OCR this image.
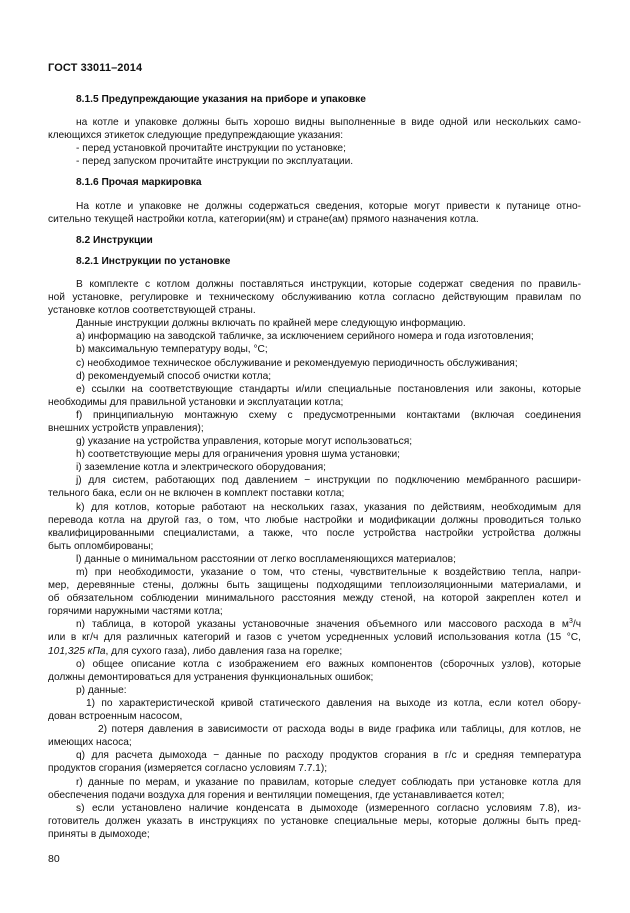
ГОСТ 33011–2014
8.1.5 Предупреждающие указания на приборе и упаковке
на котле и упаковке должны быть хорошо видны выполненные в виде одной или нескольких само-
клеющихся этикеток следующие предупреждающие указания:
- перед установкой прочитайте инструкции по установке;
- перед запуском прочитайте инструкции по эксплуатации.
8.1.6 Прочая маркировка
На котле и упаковке не должны содержаться сведения, которые могут привести к путанице отно-
сительно текущей настройки котла, категории(ям) и стране(ам) прямого назначения котла.
8.2 Инструкции
8.2.1 Инструкции по установке
В комплекте с котлом должны поставляться инструкции, которые содержат сведения по правиль-
ной установке, регулировке и техническому обслуживанию котла согласно действующим правилам по
установке котлов соответствующей страны.
Данные инструкции должны включать по крайней мере следующую информацию.
а) информацию на заводской табличке, за исключением серийного номера и года изготовления;
b) максимальную температуру воды, °С;
c) необходимое техническое обслуживание и рекомендуемую периодичность обслуживания;
d) рекомендуемый способ очистки котла;
е) ссылки на соответствующие стандарты и/или специальные постановления или законы, которые
необходимы для правильной установки и эксплуатации котла;
f) принципиальную монтажную схему с предусмотренными контактами (включая соединения
внешних устройств управления);
g) указание на устройства управления, которые могут использоваться;
h) соответствующие меры для ограничения уровня шума установки;
i) заземление котла и электрического оборудования;
j) для систем, работающих под давлением − инструкции по подключению мембранного расшири-
тельного бака, если он не включен в комплект поставки котла;
k) для котлов, которые работают на нескольких газах, указания по действиям, необходимым для
перевода котла на другой газ, о том, что любые настройки и модификации должны проводиться только
квалифицированными специалистами, а также, что после устройства настройки устройства должны
быть опломбированы;
l) данные о минимальном расстоянии от легко воспламеняющихся материалов;
m) при необходимости, указание о том, что стены, чувствительные к воздействию тепла, напри-
мер, деревянные стены, должны быть защищены подходящими теплоизоляционными материалами, и
об обязательном соблюдении минимального расстояния между стеной, на которой закреплен котел и
горячими наружными частями котла;
n) таблица, в которой указаны установочные значения объемного или массового расхода в $м^3/ч$
или в кг/ч для различных категорий и газов с учетом усредненных условий использования котла (15 °С,
101,325 кПа, для сухого газа), либо давления газа на горелке;
o) общее описание котла с изображением его важных компонентов (сборочных узлов), которые
должны демонтироваться для устранения функциональных ошибок;
p) данные:
1) по характеристической кривой статического давления на выходе из котла, если котел обору-
дован встроенным насосом,
2) потеря давления в зависимости от расхода воды в виде графика или таблицы, для котлов, не
имеющих насоса;
q) для расчета дымохода − данные по расходу продуктов сгорания в г/с и средняя температура
продуктов сгорания (измеряется согласно условиям 7.7.1);
r) данные по мерам, и указание по правилам, которые следует соблюдать при установке котла для
обеспечения подачи воздуха для горения и вентиляции помещения, где устанавливается котел;
s) если установлено наличие конденсата в дымоходе (измеренного согласно условиям 7.8), из-
готовитель должен указать в инструкциях по установке специальные меры, которые должны быть пред-
приняты в дымоходе;
80
